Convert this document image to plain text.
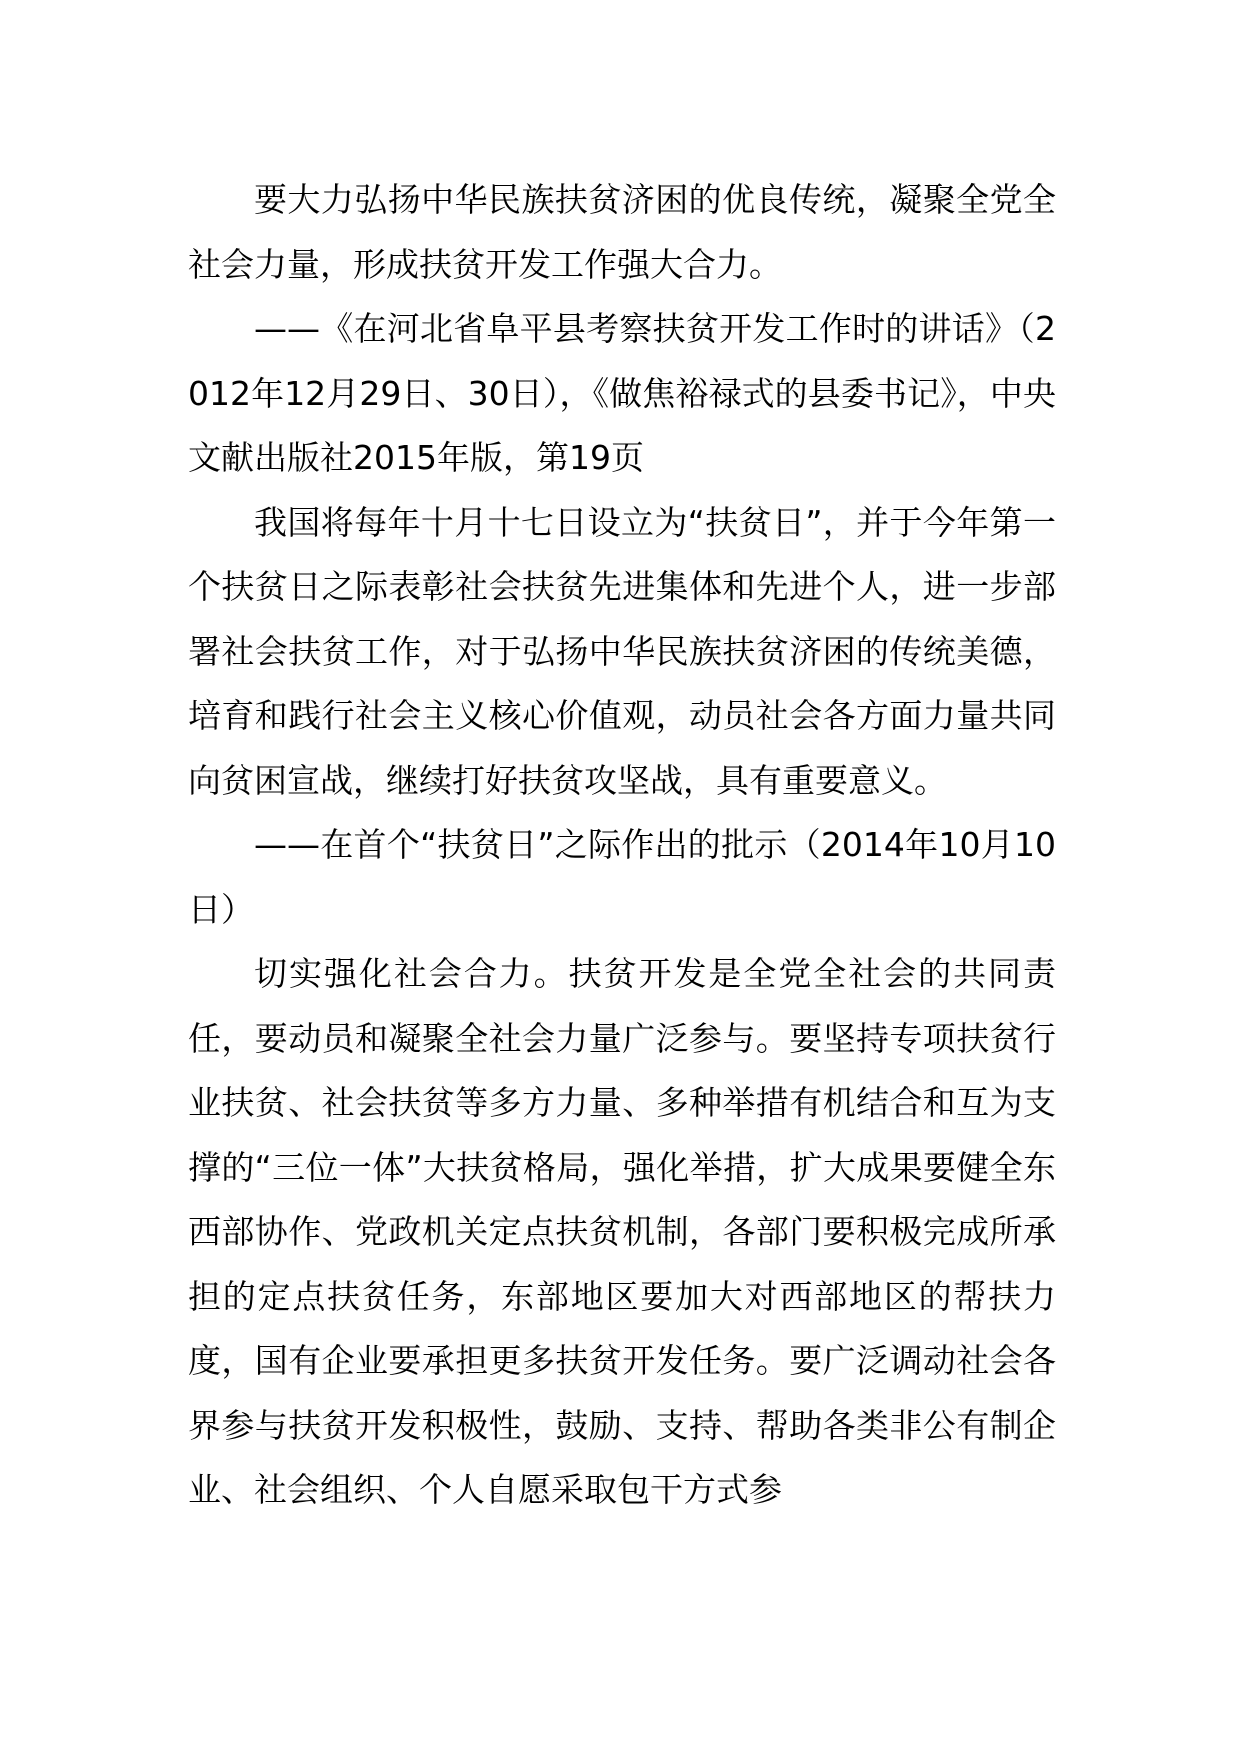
要大力弘扬中华民族扶贫济困的优良传统，凝聚全党全社会力量，形成扶贫开发工作强大合力。

——《在河北省阜平县考察扶贫开发工作时的讲话》（2012年12月29日、30日），《做焦裕禄式的县委书记》，中央文献出版社2015年版，第19页

我国将每年十月十七日设立为“扶贫日”，并于今年第一个扶贫日之际表彰社会扶贫先进集体和先进个人，进一步部署社会扶贫工作，对于弘扬中华民族扶贫济困的传统美德，培育和践行社会主义核心价值观，动员社会各方面力量共同向贫困宣战，继续打好扶贫攻坚战，具有重要意义。

——在首个“扶贫日”之际作出的批示（2014年10月10日）

切实强化社会合力。扶贫开发是全党全社会的共同责任，要动员和凝聚全社会力量广泛参与。要坚持专项扶贫行业扶贫、社会扶贫等多方力量、多种举措有机结合和互为支撑的“三位一体”大扶贫格局，强化举措，扩大成果要健全东西部协作、党政机关定点扶贫机制，各部门要积极完成所承担的定点扶贫任务，东部地区要加大对西部地区的帮扶力度，国有企业要承担更多扶贫开发任务。要广泛调动社会各界参与扶贫开发积极性，鼓励、支持、帮助各类非公有制企业、社会组织、个人自愿采取包干方式参
